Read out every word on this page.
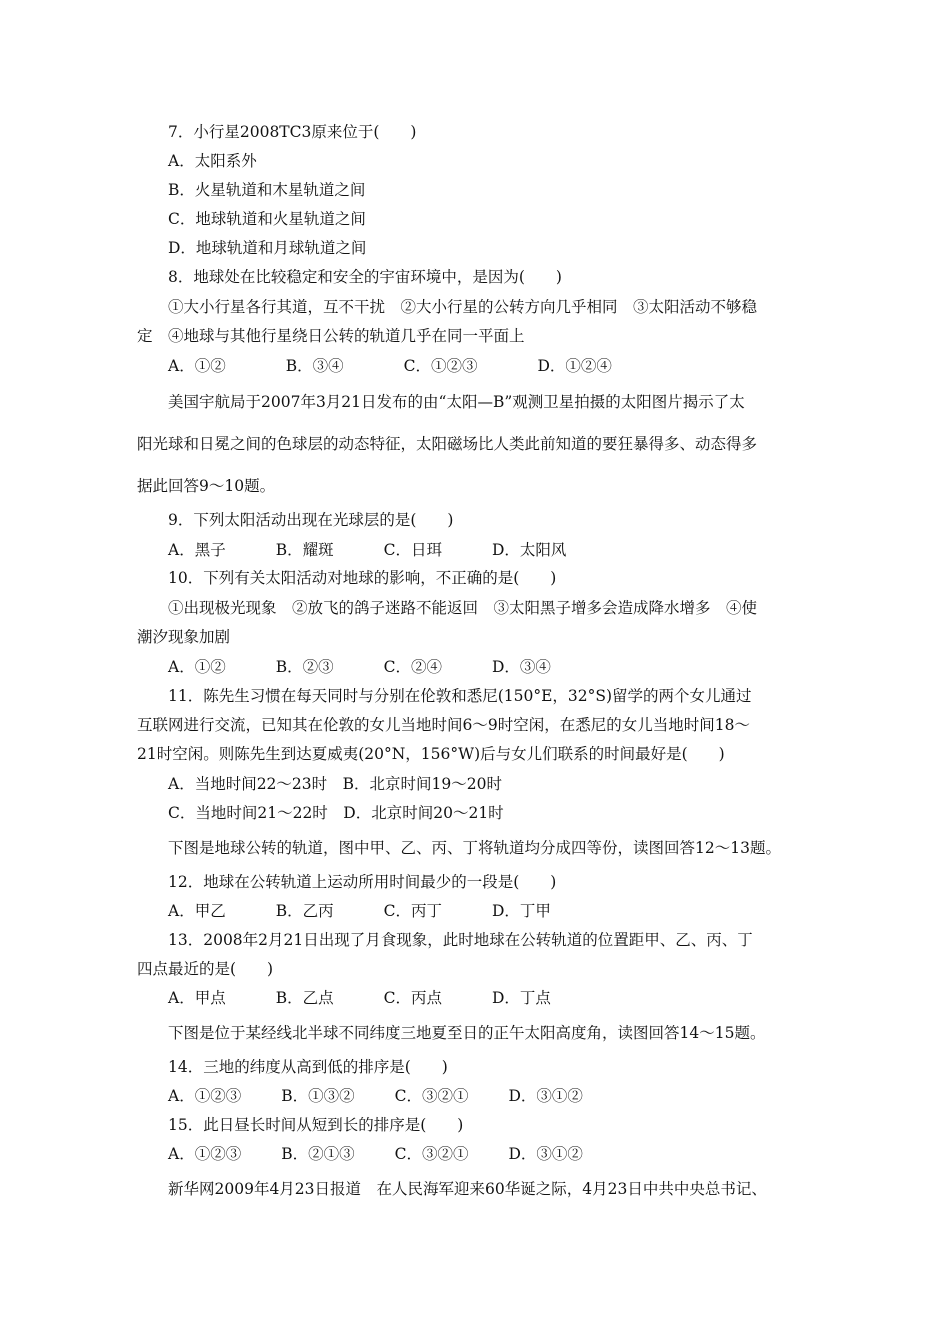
7．小行星2008TC3原来位于(　　)
A．太阳系外
B．火星轨道和木星轨道之间
C．地球轨道和火星轨道之间
D．地球轨道和月球轨道之间
8．地球处在比较稳定和安全的宇宙环境中，是因为(　　)
①大小行星各行其道，互不干扰　②大小行星的公转方向几乎相同　③太阳活动不够稳
定　④地球与其他行星绕日公转的轨道几乎在同一平面上
美国宇航局于2007年3月21日发布的由“太阳—B”观测卫星拍摄的太阳图片揭示了太
阳光球和日冕之间的色球层的动态特征，太阳磁场比人类此前知道的要狂暴得多、动态得多
据此回答9～10题。
9．下列太阳活动出现在光球层的是(　　)
10．下列有关太阳活动对地球的影响，不正确的是(　　)
①出现极光现象　②放飞的鸽子迷路不能返回　③太阳黑子增多会造成降水增多　④使
潮汐现象加剧
11．陈先生习惯在每天同时与分别在伦敦和悉尼(150°E，32°S)留学的两个女儿通过
互联网进行交流，已知其在伦敦的女儿当地时间6～9时空闲，在悉尼的女儿当地时间18～
21时空闲。则陈先生到达夏威夷(20°N，156°W)后与女儿们联系的时间最好是(　　)
A．当地时间22～23时　B．北京时间19～20时
C．当地时间21～22时　D．北京时间20～21时
下图是地球公转的轨道，图中甲、乙、丙、丁将轨道均分成四等份，读图回答12～13题。
12．地球在公转轨道上运动所用时间最少的一段是(　　)
13．2008年2月21日出现了月食现象，此时地球在公转轨道的位置距甲、乙、丙、丁
四点最近的是(　　)
下图是位于某经线北半球不同纬度三地夏至日的正午太阳高度角，读图回答14～15题。
14．三地的纬度从高到低的排序是(　　)
15．此日昼长时间从短到长的排序是(　　)
新华网2009年4月23日报道　在人民海军迎来60华诞之际，4月23日中共中央总书记、
A．①②	B．③④	C．①②③	D．①②④
A．黑子	B．耀斑	C．日珥	D．太阳风
A．①②	B．②③	C．②④	D．③④
A．甲乙	B．乙丙	C．丙丁	D．丁甲
A．甲点	B．乙点	C．丙点	D．丁点
A．①②③	B．①③②	C．③②①	D．③①②
A．①②③	B．②①③	C．③②①	D．③①②
